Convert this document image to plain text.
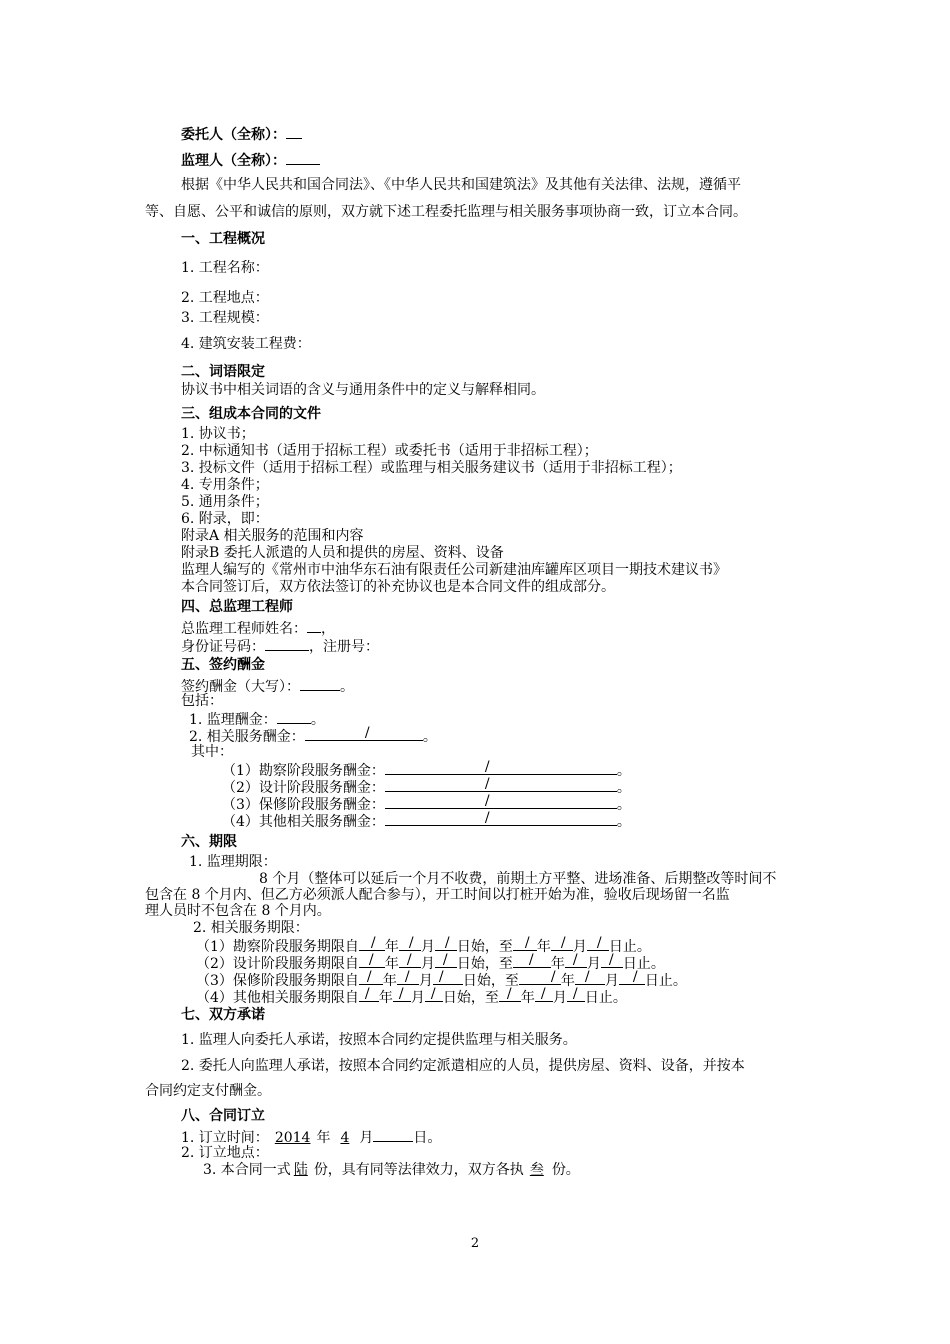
委托人（全称）：
监理人（全称）：
根据《中华人民共和国合同法》、《中华人民共和国建筑法》及其他有关法律、法规，遵循平
等、自愿、公平和诚信的原则，双方就下述工程委托监理与相关服务事项协商一致，订立本合同。
一、工程概况
1. 工程名称：
2. 工程地点：
3. 工程规模：
4. 建筑安装工程费：
二、词语限定
协议书中相关词语的含义与通用条件中的定义与解释相同。
三、组成本合同的文件
1. 协议书；
2. 中标通知书（适用于招标工程）或委托书（适用于非招标工程）；
3. 投标文件（适用于招标工程）或监理与相关服务建议书（适用于非招标工程）；
4. 专用条件；
5. 通用条件；
6. 附录，即：
附录A 相关服务的范围和内容
附录B 委托人派遣的人员和提供的房屋、资料、设备
监理人编写的《常州市中油华东石油有限责任公司新建油库罐库区项目一期技术建议书》
本合同签订后，双方依法签订的补充协议也是本合同文件的组成部分。
四、总监理工程师
总监理工程师姓名： ，
身份证号码：	，注册号：
五、签约酬金
签约酬金（大写）：	。
包括：
1. 监理酬金： 。
2. 相关服务酬金：	/	。
其中：
（1）勘察阶段服务酬金：	/	。
（2）设计阶段服务酬金：	/	。
（3）保修阶段服务酬金：	/	。
（4）其他相关服务酬金：	/	。
六、期限
1. 监理期限：
8 个月（整体可以延后一个月不收费，前期土方平整、进场准备、后期整改等时间不
包含在 8 个月内、但乙方必须派人配合参与），开工时间以打桩开始为准，验收后现场留一名监
理人员时不包含在 8 个月内。
2. 相关服务期限：
（1）勘察阶段服务期限自 / 年 / 月 / 日始，至 / 年 / 月 / 日止。
（2）设计阶段服务期限自 / 年 / 月 / 日始，至 / 年 / 月 / 日止。
（3）保修阶段服务期限自 / 年 / 月 / 日始，至 / 年 / 月 / 日止。
（4）其他相关服务期限自 / 年 / 月 / 日始，至 / 年 / 月 / 日止。
七、双方承诺
1. 监理人向委托人承诺，按照本合同约定提供监理与相关服务。
2. 委托人向监理人承诺，按照本合同约定派遣相应的人员，提供房屋、资料、设备，并按本
合同约定支付酬金。
八、合同订立
1. 订立时间： 2014 年 4 月	日。
2. 订立地点：
3. 本合同一式 陆 份，具有同等法律效力，双方各执 叁 份。
2
